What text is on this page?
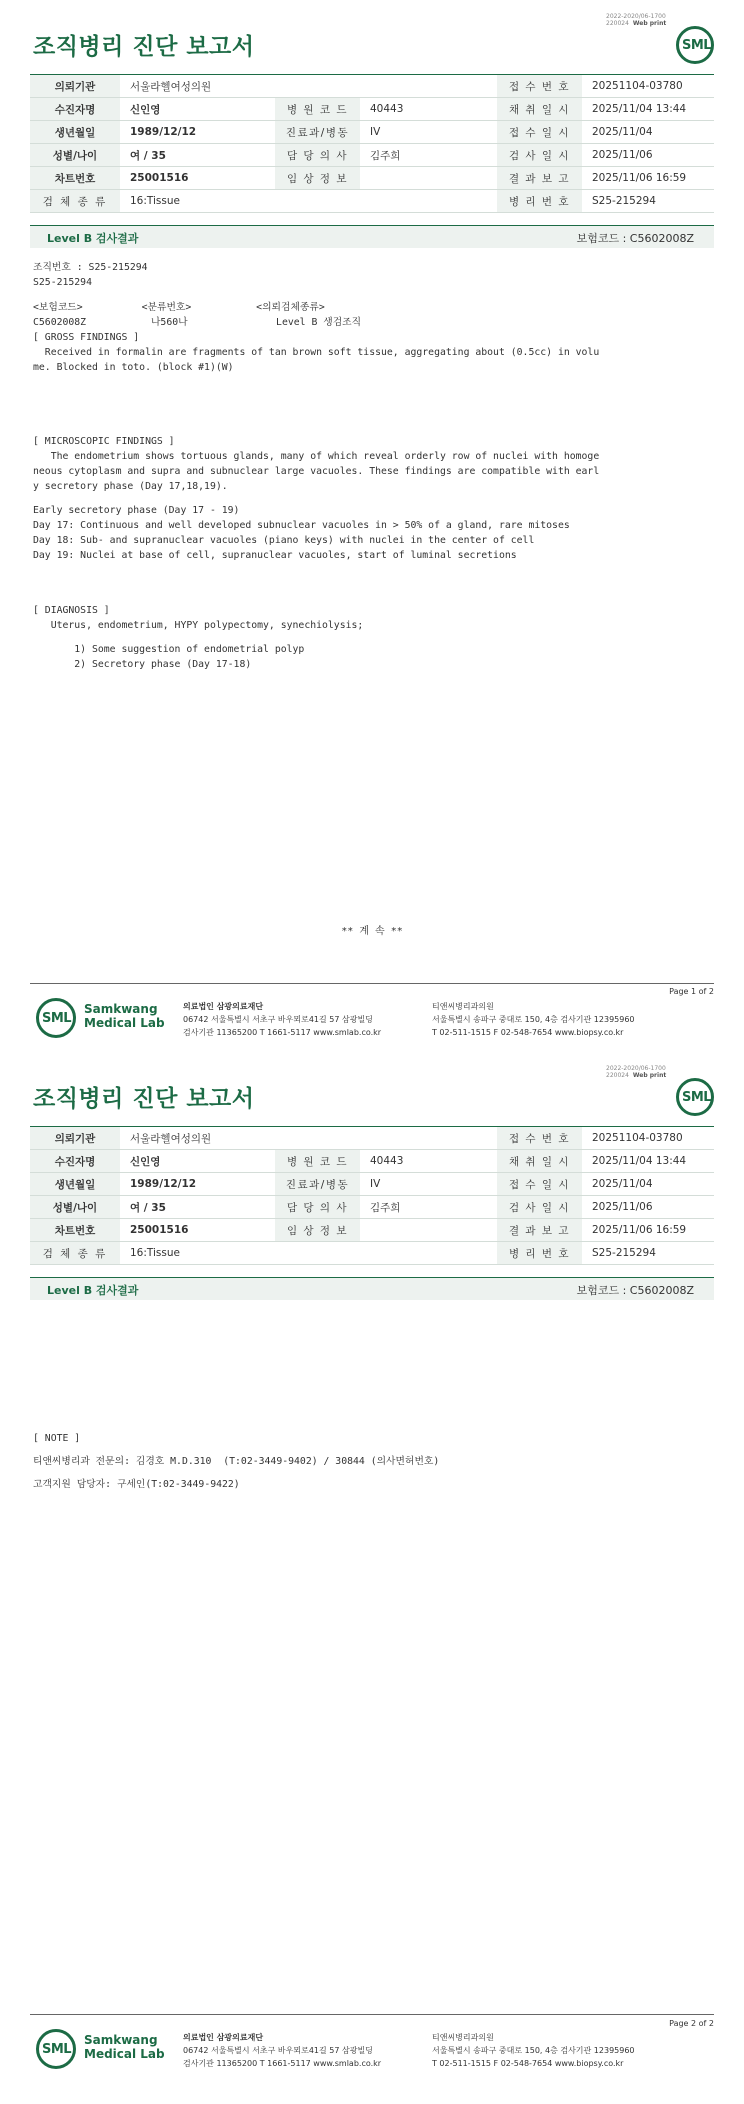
2022-2020/06-1700
220024 Web print
조직병리 진단 보고서	SML
의뢰기관	서울라헬여성의원			접 수 번 호	20251104-03780
수진자명	신인영	병 원 코 드	40443	채 취 일 시	2025/11/04 13:44
생년월일	1989/12/12	진료과/병동	IV	접 수 일 시	2025/11/04
성별/나이	여 / 35	담 당 의 사	김주희	검 사 일 시	2025/11/06
차트번호	25001516	임 상 정 보		결 과 보 고	2025/11/06 16:59
검 체 종 류	16:Tissue			병 리 번 호	S25-215294
Level B 검사결과	보험코드 : C5602008Z
조직번호 : S25-215294
S25-215294
<보험코드>          <분류번호>           <의뢰검체종류>
C5602008Z           나560나               Level B 생검조직
[ GROSS FINDINGS ]
Received in formalin are fragments of tan brown soft tissue, aggregating about (0.5cc) in volu
me. Blocked in toto. (block #1)(W)
[ MICROSCOPIC FINDINGS ]
The endometrium shows tortuous glands, many of which reveal orderly row of nuclei with homoge
neous cytoplasm and supra and subnuclear large vacuoles. These findings are compatible with earl
y secretory phase (Day 17,18,19).
Early secretory phase (Day 17 - 19)
Day 17: Continuous and well developed subnuclear vacuoles in > 50% of a gland, rare mitoses
Day 18: Sub- and supranuclear vacuoles (piano keys) with nuclei in the center of cell
Day 19: Nuclei at base of cell, supranuclear vacuoles, start of luminal secretions
[ DIAGNOSIS ]
Uterus, endometrium, HYPY polypectomy, synechiolysis;
1) Some suggestion of endometrial polyp
2) Secretory phase (Day 17-18)
** 계 속 **
Page 1 of 2
SML
Samkwang
Medical Lab
의료법인 삼광의료재단
06742 서울특별시 서초구 바우뫼로41길 57 삼광빌딩
검사기관 11365200 T 1661-5117 www.smlab.co.kr
티앤씨병리과의원
서울특별시 송파구 중대로 150, 4층 검사기관 12395960
T 02-511-1515 F 02-548-7654 www.biopsy.co.kr
2022-2020/06-1700
220024 Web print
조직병리 진단 보고서	SML
의뢰기관	서울라헬여성의원			접 수 번 호	20251104-03780
수진자명	신인영	병 원 코 드	40443	채 취 일 시	2025/11/04 13:44
생년월일	1989/12/12	진료과/병동	IV	접 수 일 시	2025/11/04
성별/나이	여 / 35	담 당 의 사	김주희	검 사 일 시	2025/11/06
차트번호	25001516	임 상 정 보		결 과 보 고	2025/11/06 16:59
검 체 종 류	16:Tissue			병 리 번 호	S25-215294
Level B 검사결과	보험코드 : C5602008Z
[ NOTE ]
티앤씨병리과 전문의: 김경호 M.D.310  (T:02-3449-9402) / 30844 (의사면허번호)
고객지원 담당자: 구세인(T:02-3449-9422)
Page 2 of 2
SML
Samkwang
Medical Lab
의료법인 삼광의료재단
06742 서울특별시 서초구 바우뫼로41길 57 삼광빌딩
검사기관 11365200 T 1661-5117 www.smlab.co.kr
티앤씨병리과의원
서울특별시 송파구 중대로 150, 4층 검사기관 12395960
T 02-511-1515 F 02-548-7654 www.biopsy.co.kr
